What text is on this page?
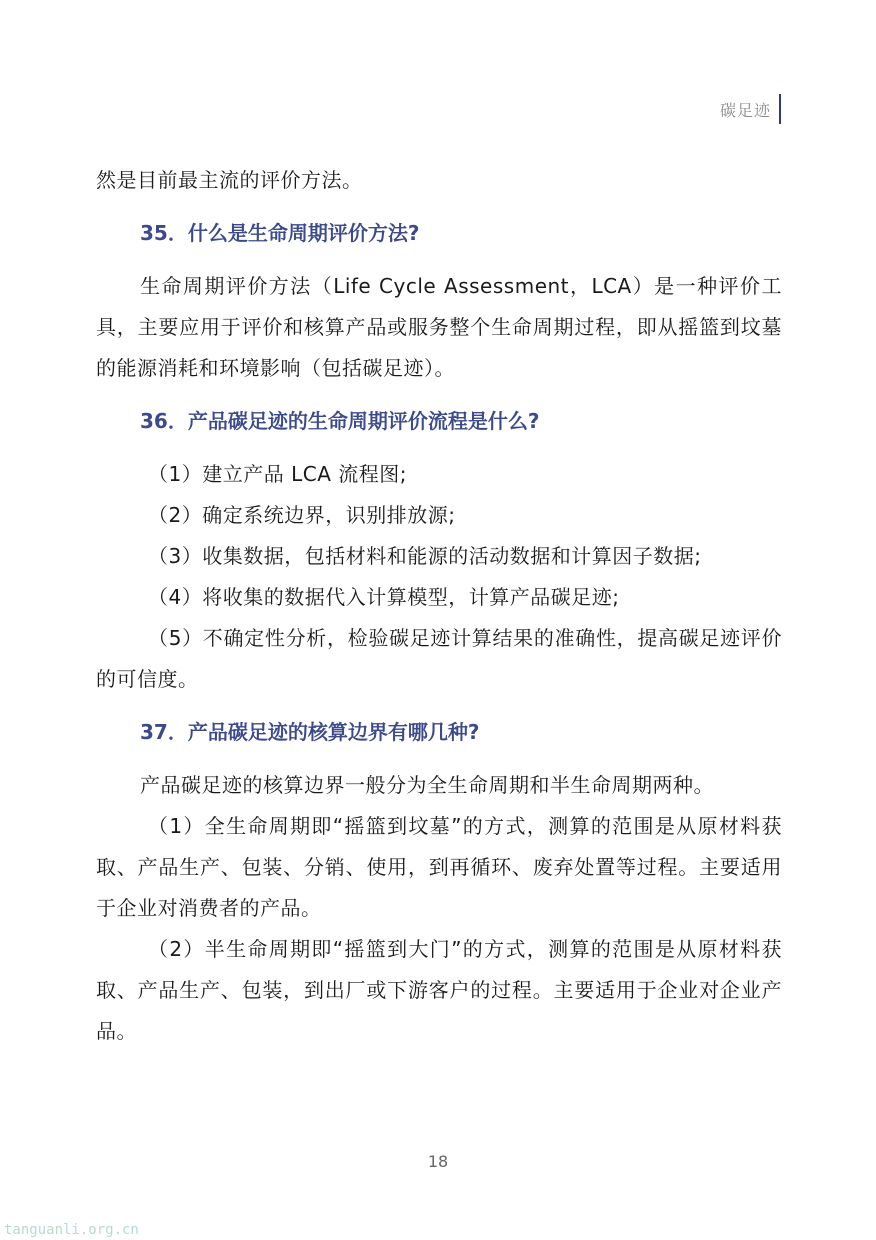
碳足迹

然是目前最主流的评价方法。

35．什么是生命周期评价方法?

生命周期评价方法（Life Cycle Assessment，LCA）是一种评价工具，主要应用于评价和核算产品或服务整个生命周期过程，即从摇篮到坟墓的能源消耗和环境影响（包括碳足迹）。

36．产品碳足迹的生命周期评价流程是什么?

（1）建立产品 LCA 流程图;

（2）确定系统边界，识别排放源;

（3）收集数据，包括材料和能源的活动数据和计算因子数据;

（4）将收集的数据代入计算模型，计算产品碳足迹;

（5）不确定性分析，检验碳足迹计算结果的准确性，提高碳足迹评价的可信度。

37．产品碳足迹的核算边界有哪几种?

产品碳足迹的核算边界一般分为全生命周期和半生命周期两种。

（1）全生命周期即“摇篮到坟墓”的方式，测算的范围是从原材料获取、产品生产、包装、分销、使用，到再循环、废弃处置等过程。主要适用于企业对消费者的产品。

（2）半生命周期即“摇篮到大门”的方式，测算的范围是从原材料获取、产品生产、包装，到出厂或下游客户的过程。主要适用于企业对企业产品。

18
tanguanli.org.cn
